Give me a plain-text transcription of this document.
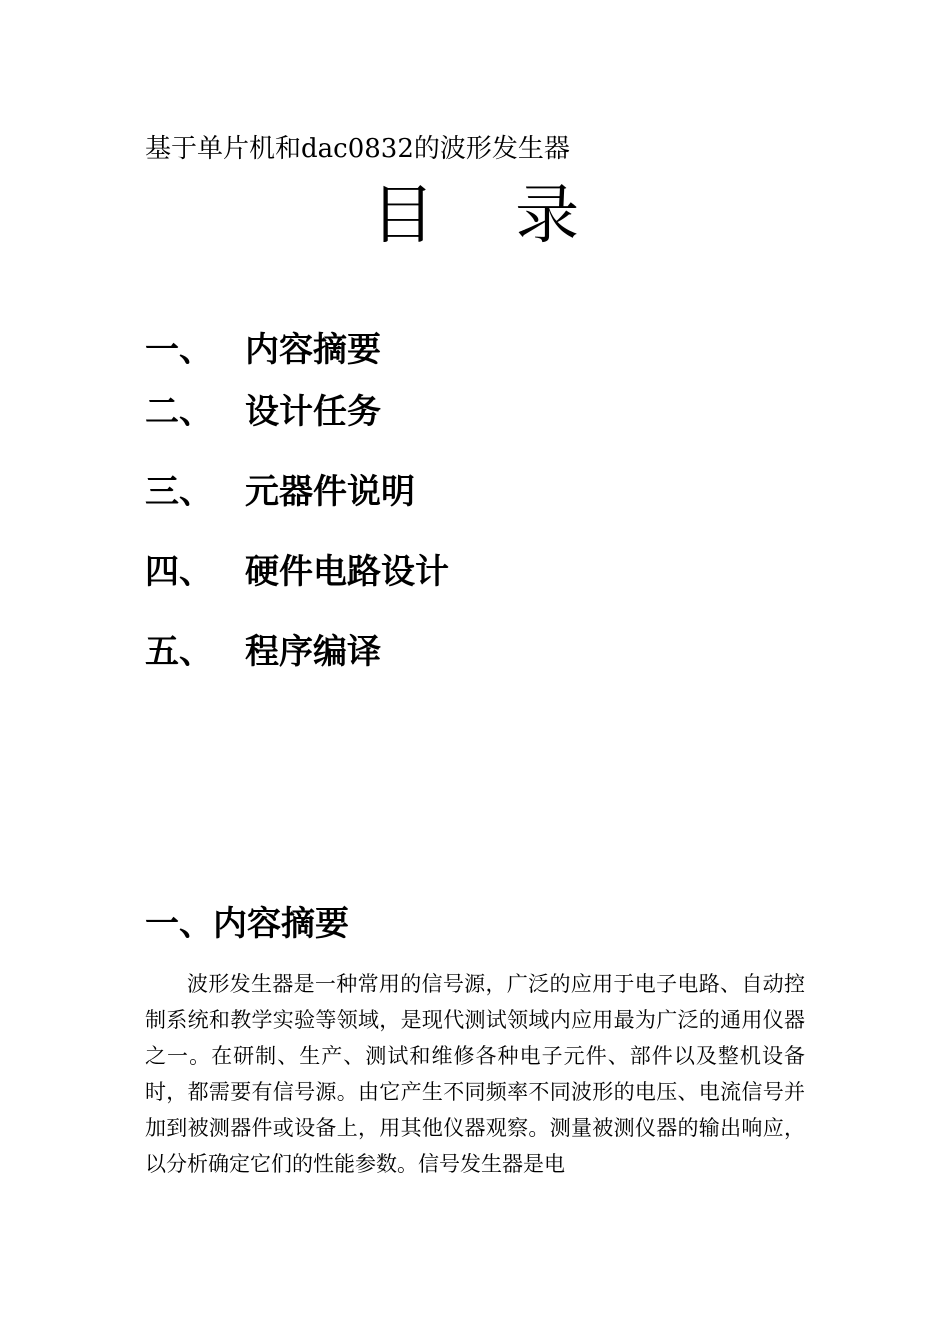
基于单片机和dac0832的波形发生器
目 录
一、 内容摘要
二、 设计任务
三、 元器件说明
四、 硬件电路设计
五、 程序编译
一、内容摘要

波形发生器是一种常用的信号源，广泛的应用于电子电路、自动控制系统和教学实验等领域，是现代测试领域内应用最为广泛的通用仪器之一。在研制、生产、测试和维修各种电子元件、部件以及整机设备时，都需要有信号源。由它产生不同频率不同波形的电压、电流信号并加到被测器件或设备上，用其他仪器观察。测量被测仪器的输出响应，以分析确定它们的性能参数。信号发生器是电
